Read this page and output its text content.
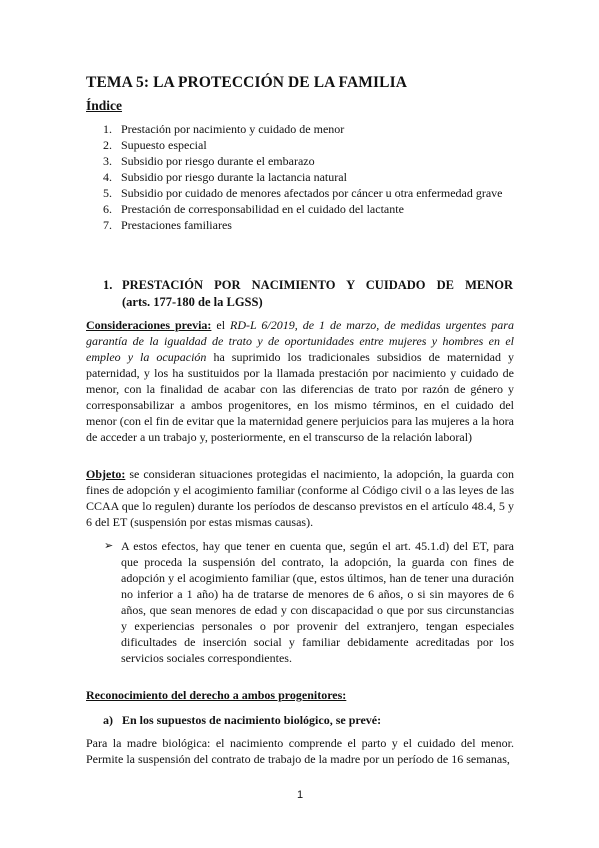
TEMA 5: LA PROTECCIÓN DE LA FAMILIA
Índice
1. Prestación por nacimiento y cuidado de menor
2. Supuesto especial
3. Subsidio por riesgo durante el embarazo
4. Subsidio por riesgo durante la lactancia natural
5. Subsidio por cuidado de menores afectados por cáncer u otra enfermedad grave
6. Prestación de corresponsabilidad en el cuidado del lactante
7. Prestaciones familiares
1. PRESTACIÓN POR NACIMIENTO Y CUIDADO DE MENOR
(arts. 177-180 de la LGSS)
Consideraciones previa: el RD-L 6/2019, de 1 de marzo, de medidas urgentes para garantía de la igualdad de trato y de oportunidades entre mujeres y hombres en el empleo y la ocupación ha suprimido los tradicionales subsidios de maternidad y paternidad, y los ha sustituidos por la llamada prestación por nacimiento y cuidado de menor, con la finalidad de acabar con las diferencias de trato por razón de género y corresponsabilizar a ambos progenitores, en los mismo términos, en el cuidado del menor (con el fin de evitar que la maternidad genere perjuicios para las mujeres a la hora de acceder a un trabajo y, posteriormente, en el transcurso de la relación laboral)
Objeto: se consideran situaciones protegidas el nacimiento, la adopción, la guarda con fines de adopción y el acogimiento familiar (conforme al Código civil o a las leyes de las CCAA que lo regulen) durante los períodos de descanso previstos en el artículo 48.4, 5 y 6 del ET (suspensión por estas mismas causas).
➢ A estos efectos, hay que tener en cuenta que, según el art. 45.1.d) del ET, para que proceda la suspensión del contrato, la adopción, la guarda con fines de adopción y el acogimiento familiar (que, estos últimos, han de tener una duración no inferior a 1 año) ha de tratarse de menores de 6 años, o si sin mayores de 6 años, que sean menores de edad y con discapacidad o que por sus circunstancias y experiencias personales o por provenir del extranjero, tengan especiales dificultades de inserción social y familiar debidamente acreditadas por los servicios sociales correspondientes.
Reconocimiento del derecho a ambos progenitores:
a) En los supuestos de nacimiento biológico, se prevé:
Para la madre biológica: el nacimiento comprende el parto y el cuidado del menor. Permite la suspensión del contrato de trabajo de la madre por un período de 16 semanas,
1
